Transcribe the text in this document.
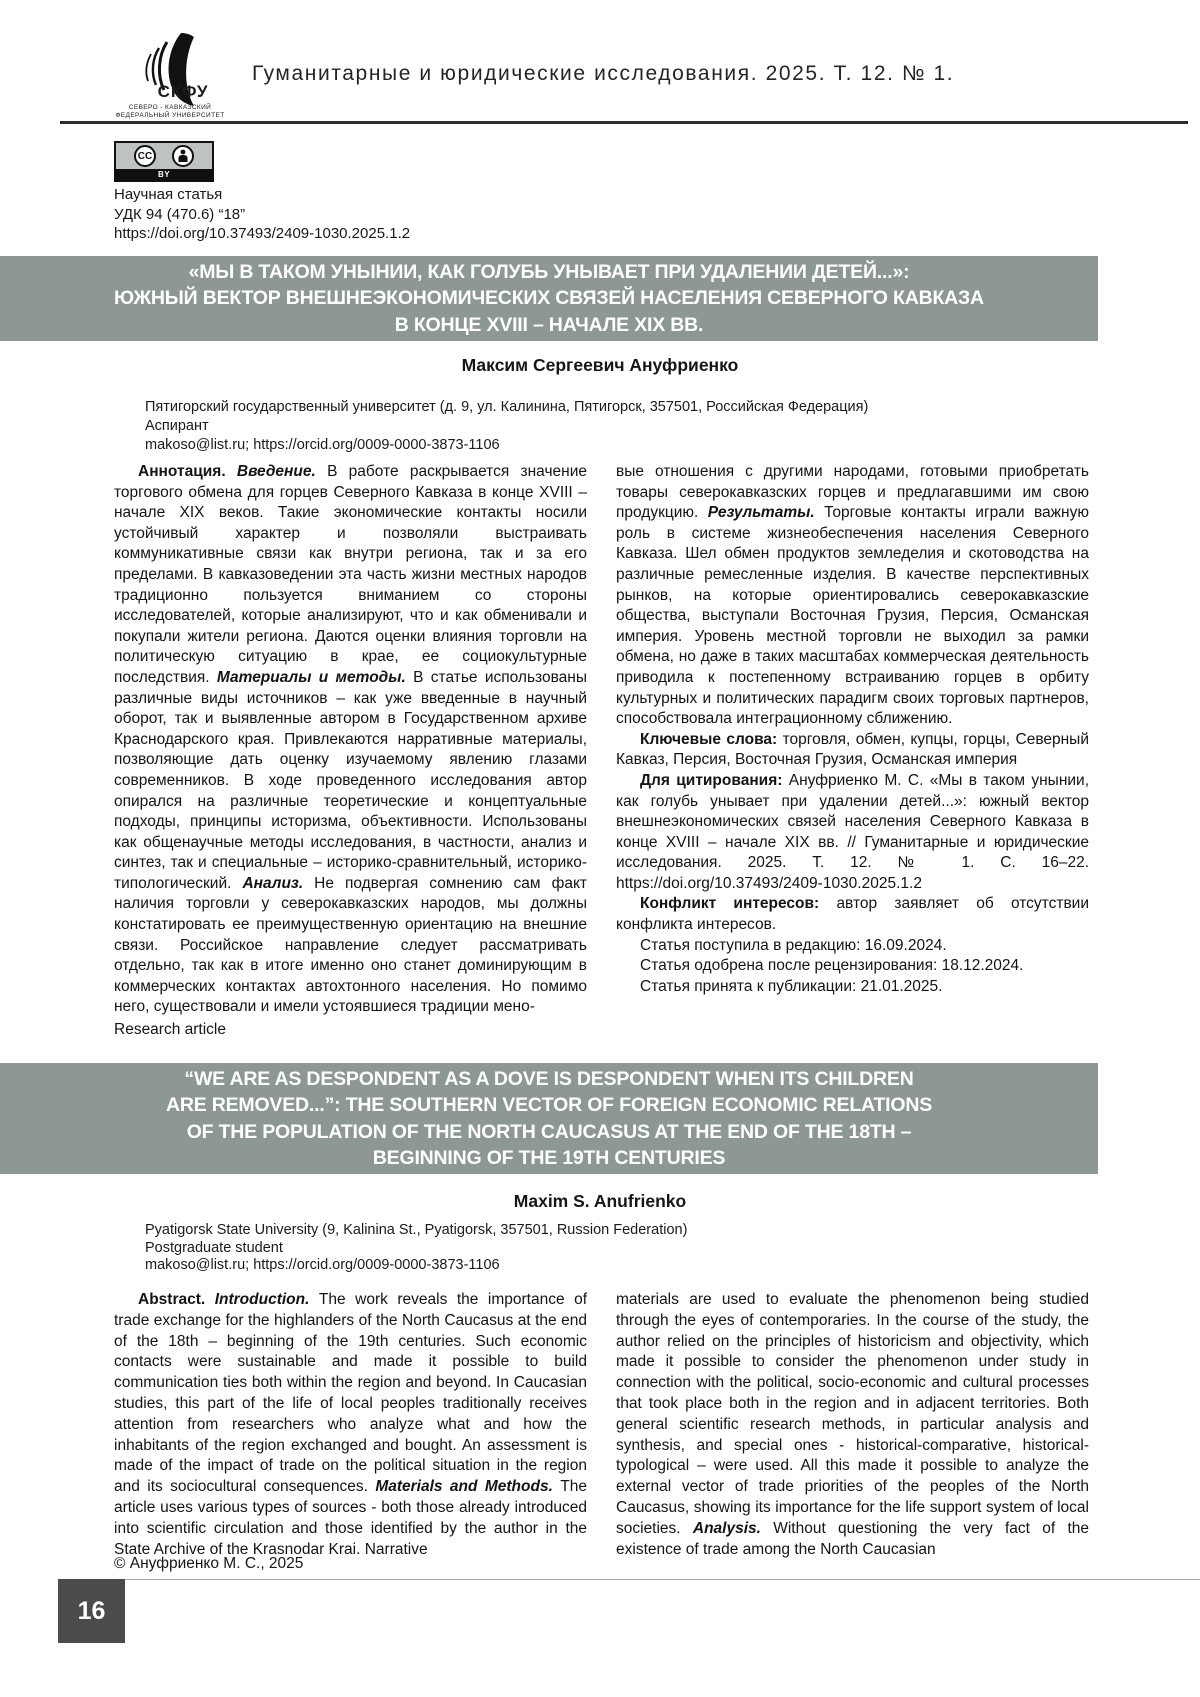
СКФУ
СЕВЕРО - КАВКАЗСКИЙ
ФЕДЕРАЛЬНЫЙ УНИВЕРСИТЕТ
Гуманитарные и юридические исследования. 2025. Т. 12. № 1.
CC
BY
Научная статья
УДК 94 (470.6) “18”
https://doi.org/10.37493/2409-1030.2025.1.2
«МЫ В ТАКОМ УНЫНИИ, КАК ГОЛУБЬ УНЫВАЕТ ПРИ УДАЛЕНИИ ДЕТЕЙ...»:
ЮЖНЫЙ ВЕКТОР ВНЕШНЕЭКОНОМИЧЕСКИХ СВЯЗЕЙ НАСЕЛЕНИЯ СЕВЕРНОГО КАВКАЗА
В КОНЦЕ XVIII – НАЧАЛЕ XIX ВВ.
Максим Сергеевич Ануфриенко
Пятигорский государственный университет (д. 9, ул. Калинина, Пятигорск, 357501, Российская Федерация)
Аспирант
makoso@list.ru; https://orcid.org/0009-0000-3873-1106

Аннотация. Введение. В работе раскрывается значение торгового обмена для горцев Северного Кавказа в конце XVIII – начале XIX веков. Такие экономические контакты носили устойчивый характер и позволяли выстраивать коммуникативные связи как внутри региона, так и за его пределами. В кавказоведении эта часть жизни местных народов традиционно пользуется вниманием со стороны исследователей, которые анализируют, что и как обменивали и покупали жители региона. Даются оценки влияния торговли на политическую ситуацию в крае, ее социокультурные последствия. Материалы и методы. В статье использованы различные виды источников – как уже введенные в научный оборот, так и выявленные автором в Государственном архиве Краснодарского края. Привлекаются нарративные материалы, позволяющие дать оценку изучаемому явлению глазами современников. В ходе проведенного исследования автор опирался на различные теоретические и концептуальные подходы, принципы историзма, объективности. Использованы как общенаучные методы исследования, в частности, анализ и синтез, так и специальные – историко-сравнительный, историко-типологический. Анализ. Не подвергая сомнению сам факт наличия торговли у северокавказских народов, мы должны констатировать ее преимущественную ориентацию на внешние связи. Российское направление следует рассматривать отдельно, так как в итоге именно оно станет доминирующим в коммерческих контактах автохтонного населения. Но помимо него, существовали и имели устоявшиеся традиции мено-

вые отношения с другими народами, готовыми приобретать товары северокавказских горцев и предлагавшими им свою продукцию. Результаты. Торговые контакты играли важную роль в системе жизнеобеспечения населения Северного Кавказа. Шел обмен продуктов земледелия и скотоводства на различные ремесленные изделия. В качестве перспективных рынков, на которые ориентировались северокавказские общества, выступали Восточная Грузия, Персия, Османская империя. Уровень местной торговли не выходил за рамки обмена, но даже в таких масштабах коммерческая деятельность приводила к постепенному встраиванию горцев в орбиту культурных и политических парадигм своих торговых партнеров, способствовала интеграционному сближению.

Ключевые слова: торговля, обмен, купцы, горцы, Северный Кавказ, Персия, Восточная Грузия, Османская империя

Для цитирования: Ануфриенко М. С. «Мы в таком унынии, как голубь унывает при удалении детей...»: южный вектор внешнеэкономических связей населения Северного Кавказа в конце XVIII – начале XIX вв. // Гуманитарные и юридические исследования. 2025. Т. 12. № 1. С. 16–22. https://doi.org/10.37493/2409-1030.2025.1.2

Конфликт интересов: автор заявляет об отсутствии конфликта интересов.

Статья поступила в редакцию: 16.09.2024.

Статья одобрена после рецензирования: 18.12.2024.

Статья принята к публикации: 21.01.2025.

Research article
“WE ARE AS DESPONDENT AS A DOVE IS DESPONDENT WHEN ITS CHILDREN
ARE REMOVED...”: THE SOUTHERN VECTOR OF FOREIGN ECONOMIC RELATIONS
OF THE POPULATION OF THE NORTH CAUCASUS AT THE END OF THE 18TH –
BEGINNING OF THE 19TH CENTURIES
Maxim S. Anufrienko
Pyatigorsk State University (9, Kalinina St., Pyatigorsk, 357501, Russion Federation)
Postgraduate student
makoso@list.ru; https://orcid.org/0009-0000-3873-1106

Abstract. Introduction. The work reveals the importance of trade exchange for the highlanders of the North Caucasus at the end of the 18th – beginning of the 19th centuries. Such economic contacts were sustainable and made it possible to build communication ties both within the region and beyond. In Caucasian studies, this part of the life of local peoples traditionally receives attention from researchers who analyze what and how the inhabitants of the region exchanged and bought. An assessment is made of the impact of trade on the political situation in the region and its sociocultural consequences. Materials and Methods. The article uses various types of sources - both those already introduced into scientific circulation and those identified by the author in the State Archive of the Krasnodar Krai. Narrative

materials are used to evaluate the phenomenon being studied through the eyes of contemporaries. In the course of the study, the author relied on the principles of historicism and objectivity, which made it possible to consider the phenomenon under study in connection with the political, socio-economic and cultural processes that took place both in the region and in adjacent territories. Both general scientific research methods, in particular analysis and synthesis, and special ones - historical-comparative, historical-typological – were used. All this made it possible to analyze the external vector of trade priorities of the peoples of the North Caucasus, showing its importance for the life support system of local societies. Analysis. Without questioning the very fact of the existence of trade among the North Caucasian

© Ануфриенко М. С., 2025
16
